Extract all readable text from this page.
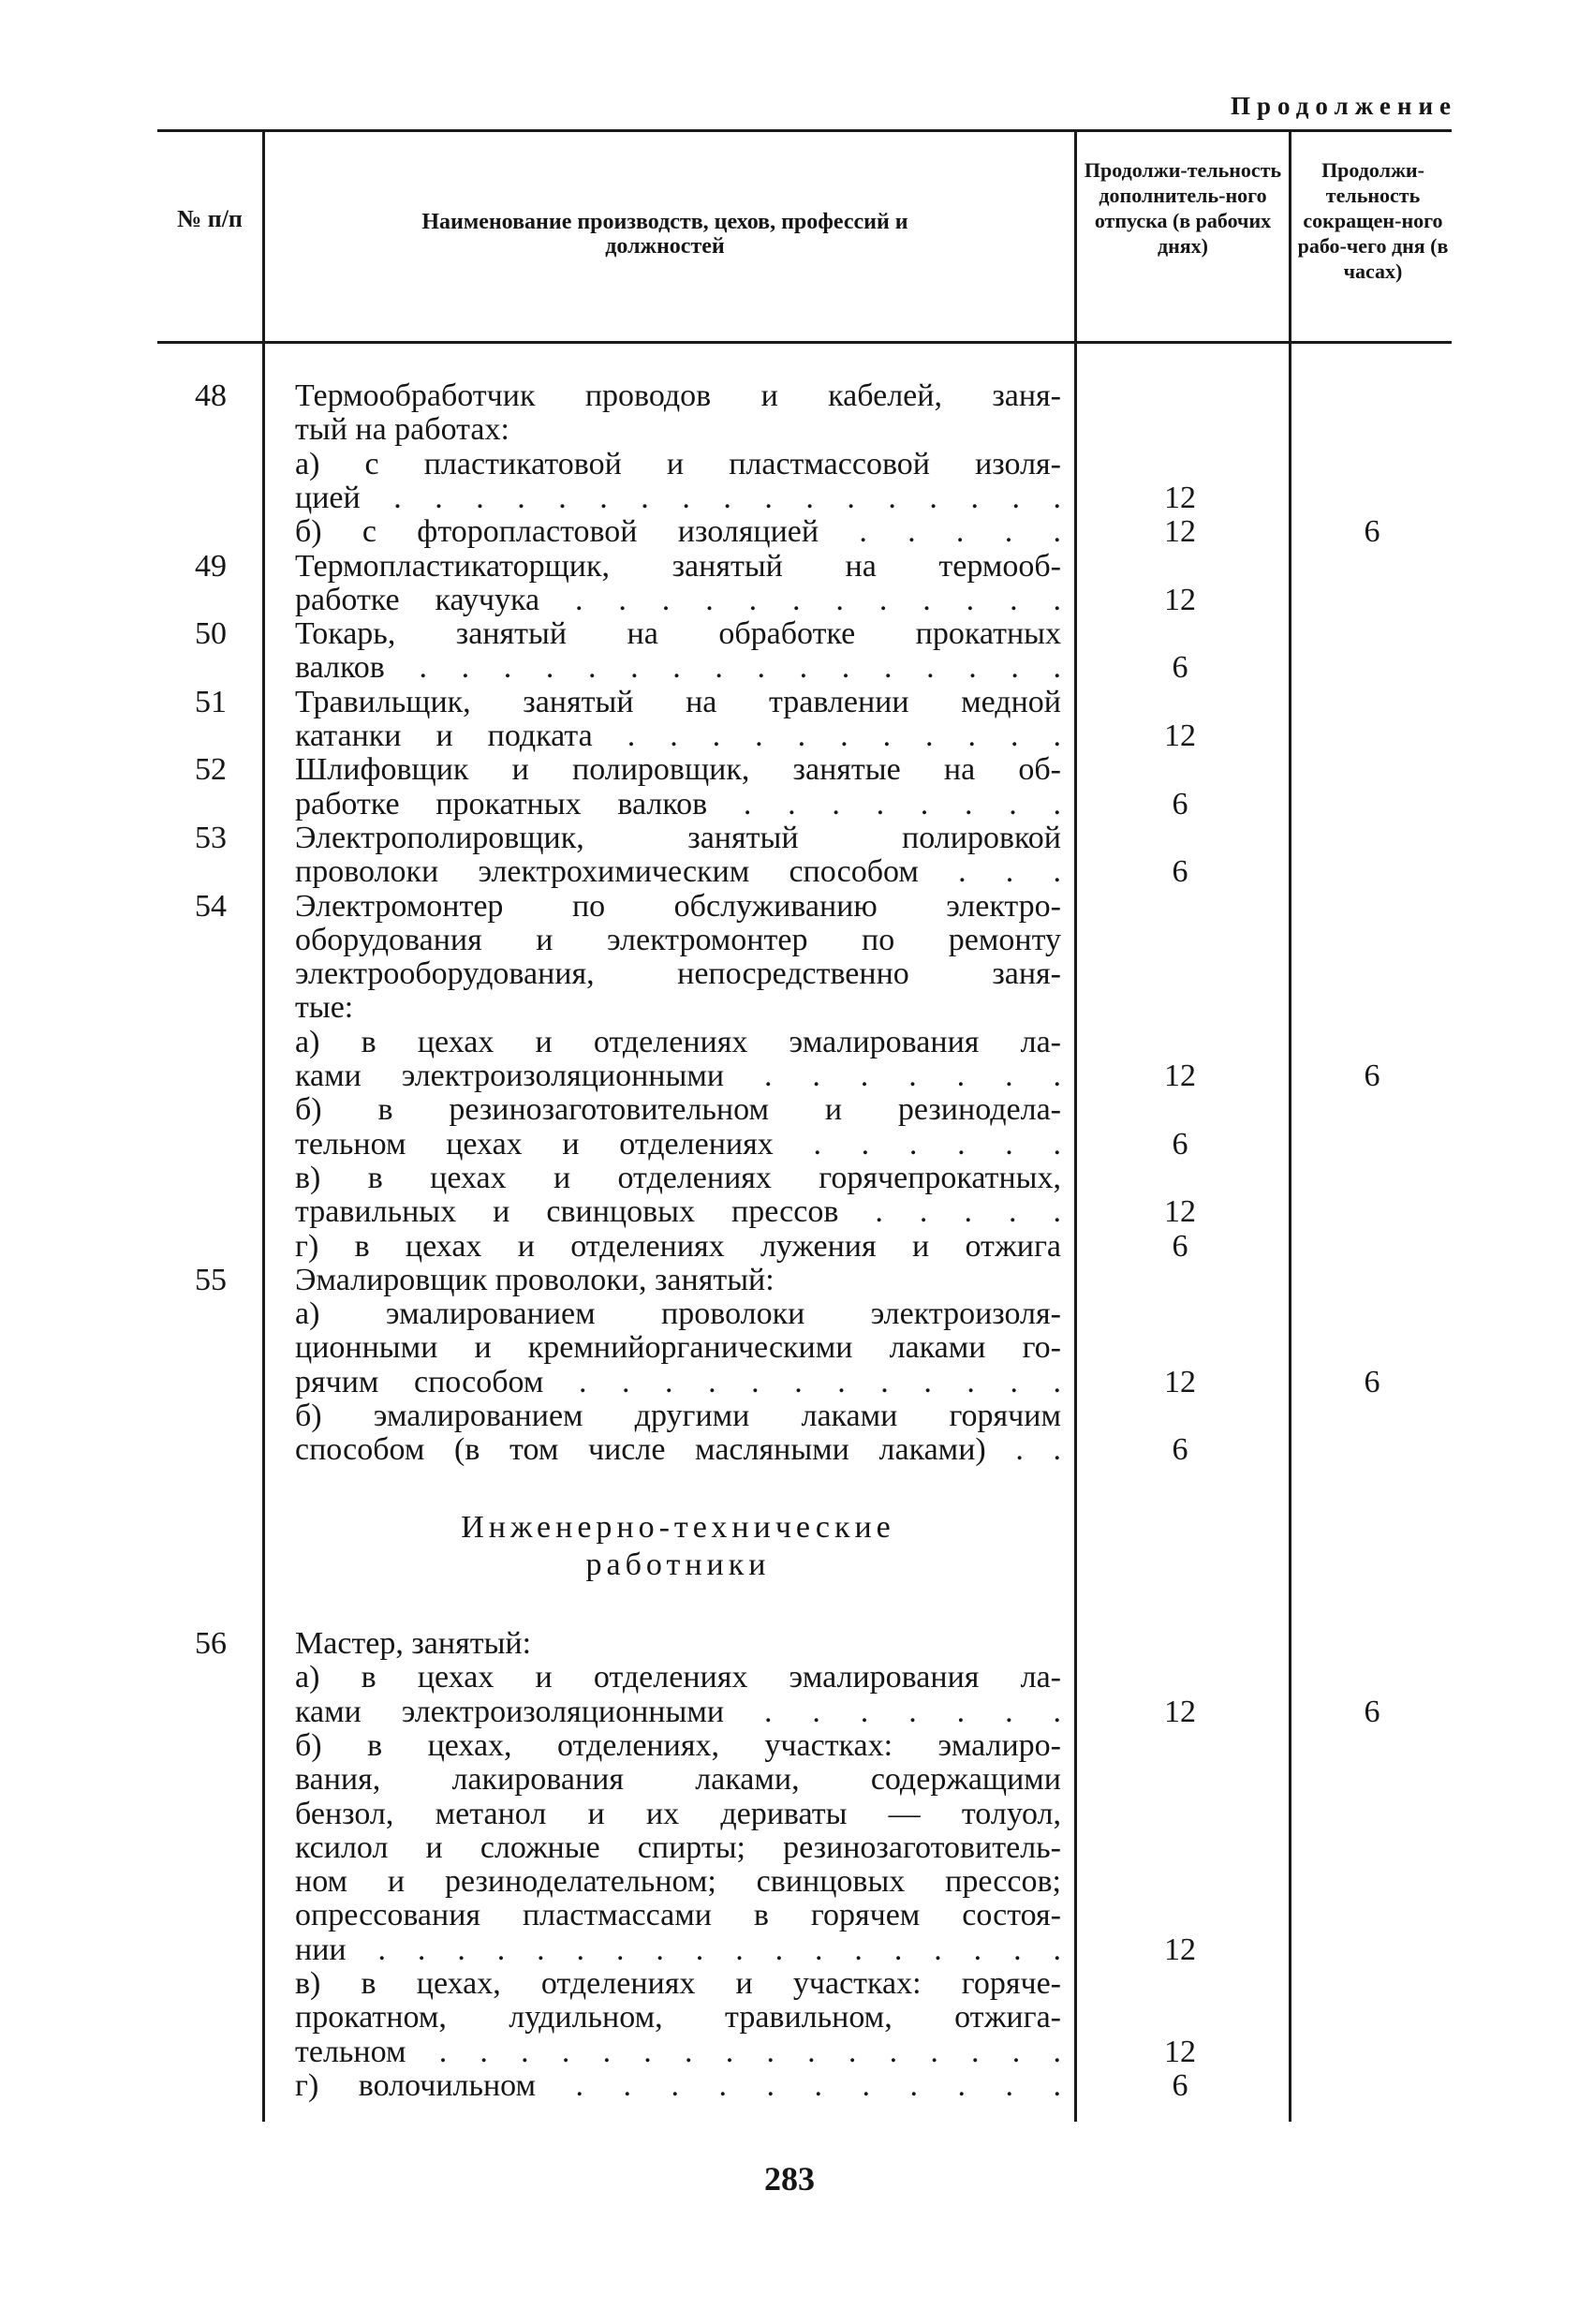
Продолжение
№ п/п	Наименование производств, цехов, профессий и должностей
Продолжи-тельность дополнитель-ного отпуска (в рабочих днях)
Продолжи-тельность сокращен-ного рабо-чего дня (в часах)
48 Термообработчик проводов и кабелей, заня-
тый на работах:
а) с пластикатовой и пластмассовой изоля-
цией . . . . . . . . . . . . . . . . .	12
б) с фторопластовой изоляцией . . . . .	12	6
49 Термопластикаторщик, занятый на термооб-
работке каучука . . . . . . . . . . . .	12
50 Токарь, занятый на обработке прокатных
валков . . . . . . . . . . . . . . . .	6
51 Травильщик, занятый на травлении медной
катанки и подката . . . . . . . . . . .	12
52 Шлифовщик и полировщик, занятые на об-
работке прокатных валков . . . . . . . .	6
53 Электрополировщик, занятый полировкой
проволоки электрохимическим способом . . .	6
54 Электромонтер по обслуживанию электро-
оборудования и электромонтер по ремонту
электрооборудования, непосредственно заня-
тые:
а) в цехах и отделениях эмалирования ла-
ками электроизоляционными . . . . . . .	12	6
б) в резинозаготовительном и резинодела-
тельном цехах и отделениях . . . . . .	6
в) в цехах и отделениях горячепрокатных,
травильных и свинцовых прессов . . . . .	12
г) в цехах и отделениях лужения и отжига	6
55 Эмалировщик проволоки, занятый:
а) эмалированием проволоки электроизоля-
ционными и кремнийорганическими лаками го-
рячим способом . . . . . . . . . . . .	12	6
б) эмалированием другими лаками горячим
способом (в том числе масляными лаками) . .	6
Инженерно-технические
работники
56 Мастер, занятый:
а) в цехах и отделениях эмалирования ла-
ками электроизоляционными . . . . . . .	12	6
б) в цехах, отделениях, участках: эмалиро-
вания, лакирования лаками, содержащими
бензол, метанол и их дериваты — толуол,
ксилол и сложные спирты; резинозаготовитель-
ном и резиноделательном; свинцовых прессов;
опрессования пластмассами в горячем состоя-
нии . . . . . . . . . . . . . . . . . .	12
в) в цехах, отделениях и участках: горяче-
прокатном, лудильном, травильном, отжига-
тельном . . . . . . . . . . . . . . . .	12
г) волочильном . . . . . . . . . . .	6
283
